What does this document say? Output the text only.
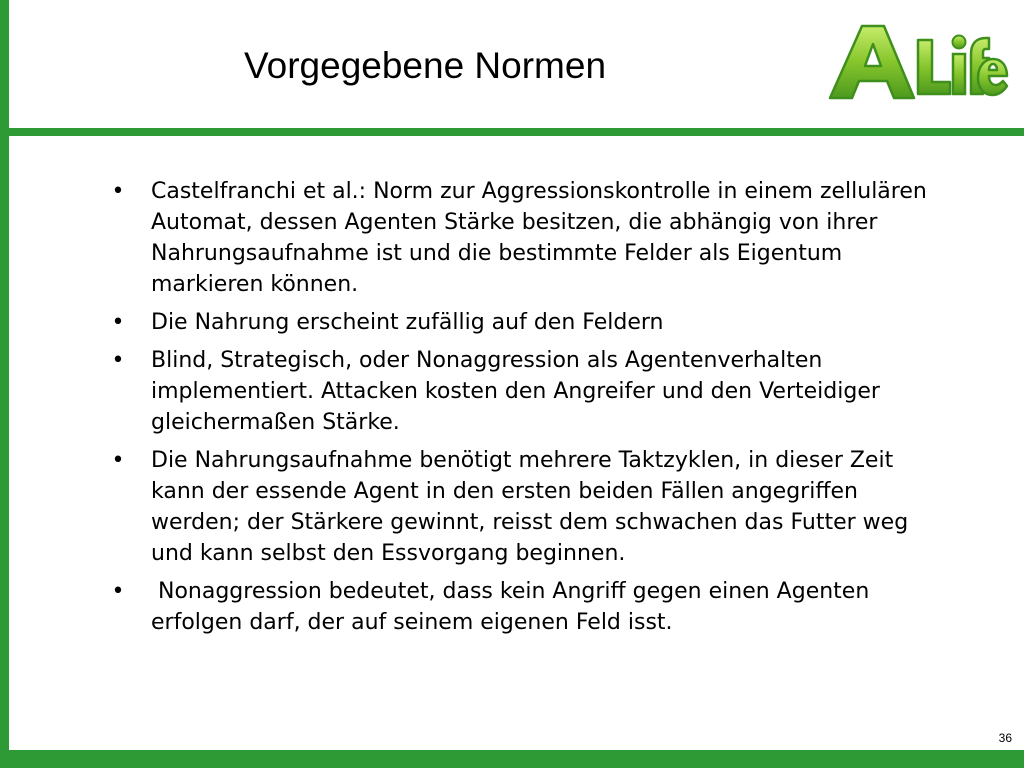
Vorgegebene Normen
• Castelfranchi et al.: Norm zur Aggressionskontrolle in einem zellulären Automat, dessen Agenten Stärke besitzen, die abhängig von ihrer Nahrungsaufnahme ist und die bestimmte Felder als Eigentum markieren können.
• Die Nahrung erscheint zufällig auf den Feldern
• Blind, Strategisch, oder Nonaggression als Agentenverhalten implementiert. Attacken kosten den Angreifer und den Verteidiger gleichermaßen Stärke.
• Die Nahrungsaufnahme benötigt mehrere Taktzyklen, in dieser Zeit kann der essende Agent in den ersten beiden Fällen angegriffen werden; der Stärkere gewinnt, reisst dem schwachen das Futter weg und kann selbst den Essvorgang beginnen.
• Nonaggression bedeutet, dass kein Angriff gegen einen Agenten erfolgen darf, der auf seinem eigenen Feld isst.
36
